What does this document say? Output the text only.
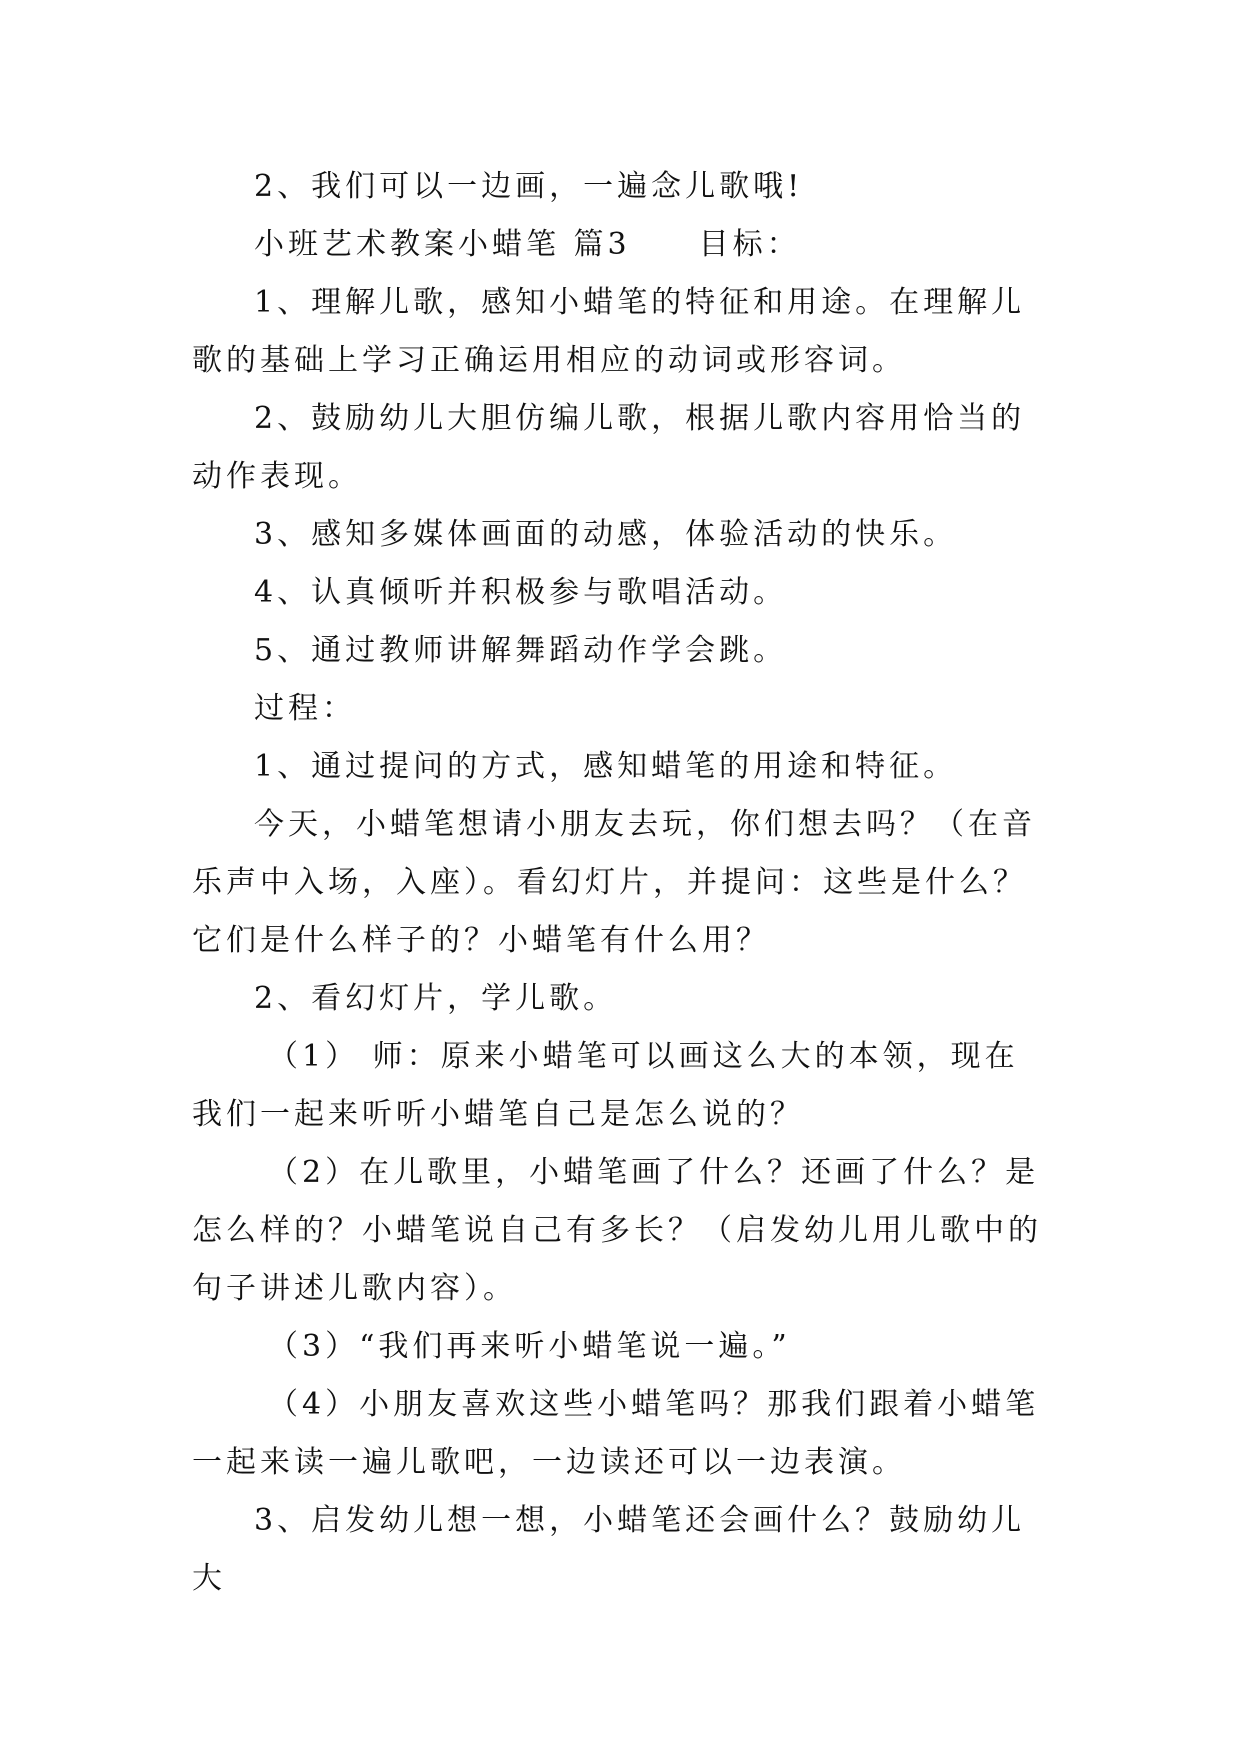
2、我们可以一边画，一遍念儿歌哦!

小班艺术教案小蜡笔 篇3　　目标：

1、理解儿歌，感知小蜡笔的特征和用途。在理解儿歌的基础上学习正确运用相应的动词或形容词。

2、鼓励幼儿大胆仿编儿歌，根据儿歌内容用恰当的动作表现。

3、感知多媒体画面的动感，体验活动的快乐。

4、认真倾听并积极参与歌唱活动。

5、通过教师讲解舞蹈动作学会跳。

过程：

1、通过提问的方式，感知蜡笔的用途和特征。

今天，小蜡笔想请小朋友去玩，你们想去吗？（在音乐声中入场，入座）。看幻灯片，并提问：这些是什么？它们是什么样子的？小蜡笔有什么用？

2、看幻灯片，学儿歌。

（1） 师：原来小蜡笔可以画这么大的本领，现在我们一起来听听小蜡笔自己是怎么说的？

（2）在儿歌里，小蜡笔画了什么？还画了什么？是怎么样的？小蜡笔说自己有多长？（启发幼儿用儿歌中的句子讲述儿歌内容）。

（3）“我们再来听小蜡笔说一遍。”

（4）小朋友喜欢这些小蜡笔吗？那我们跟着小蜡笔一起来读一遍儿歌吧，一边读还可以一边表演。

3、启发幼儿想一想，小蜡笔还会画什么？鼓励幼儿大
